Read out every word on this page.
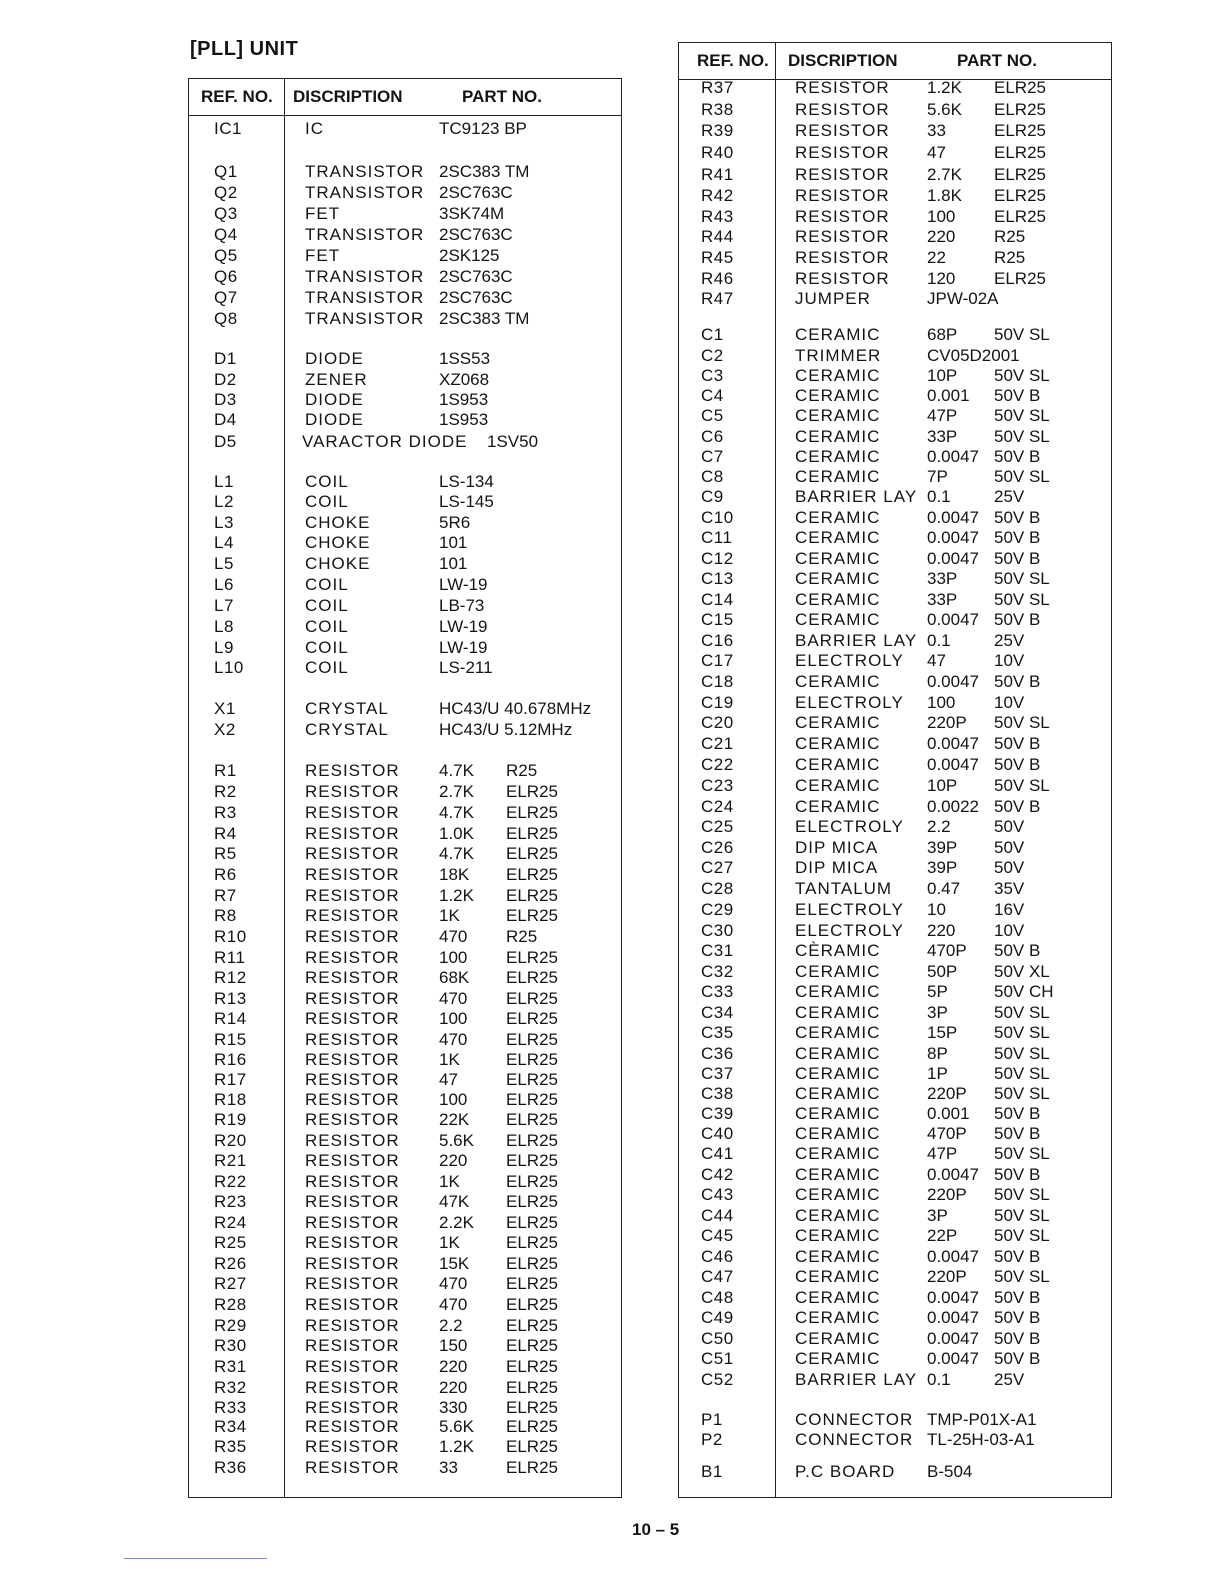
[PLL] UNIT
REF. NO. DISCRIPTION	PART NO.
IC1	IC	TC9123 BP
Q1	TRANSISTOR 2SC383 TM
Q2	TRANSISTOR 2SC763C
Q3	FET	3SK74M
Q4	TRANSISTOR 2SC763C
Q5	FET	2SK125
Q6	TRANSISTOR 2SC763C
Q7	TRANSISTOR 2SC763C
Q8	TRANSISTOR 2SC383 TM
D1	DIODE	1SS53
D2	ZENER	XZ068
D3	DIODE	1S953
D4	DIODE	1S953
D5	VARACTOR DIODE 1SV50
L1	COIL	LS-134
L2	COIL	LS-145
L3	CHOKE	5R6
L4	CHOKE	101
L5	CHOKE	101
L6	COIL	LW-19
L7	COIL	LB-73
L8	COIL	LW-19
L9	COIL	LW-19
L10	COIL	LS-211
X1	CRYSTAL	HC43/U 40.678MHz
X2	CRYSTAL	HC43/U 5.12MHz
R1	RESISTOR 4.7K R25
R2	RESISTOR 2.7K ELR25
R3	RESISTOR 4.7K ELR25
R4	RESISTOR 1.0K ELR25
R5	RESISTOR 4.7K ELR25
R6	RESISTOR 18K ELR25
R7	RESISTOR 1.2K ELR25
R8	RESISTOR 1K	ELR25
R10	RESISTOR 470 R25
R11	RESISTOR 100 ELR25
R12	RESISTOR 68K ELR25
R13	RESISTOR 470 ELR25
R14	RESISTOR 100 ELR25
R15	RESISTOR 470 ELR25
R16	RESISTOR 1K	ELR25
R17	RESISTOR 47	ELR25
R18	RESISTOR 100 ELR25
R19	RESISTOR 22K ELR25
R20	RESISTOR 5.6K ELR25
R21	RESISTOR 220 ELR25
R22	RESISTOR 1K	ELR25
R23	RESISTOR 47K ELR25
R24	RESISTOR 2.2K ELR25
R25	RESISTOR 1K	ELR25
R26	RESISTOR 15K ELR25
R27	RESISTOR 470 ELR25
R28	RESISTOR 470 ELR25
R29	RESISTOR 2.2	ELR25
R30	RESISTOR 150 ELR25
R31	RESISTOR 220 ELR25
R32	RESISTOR 220 ELR25
R33	RESISTOR 330 ELR25
R34	RESISTOR 5.6K ELR25
R35	RESISTOR 1.2K ELR25
R36	RESISTOR 33	ELR25
REF. NO. DISCRIPTION	PART NO.
R37	RESISTOR 1.2K ELR25
R38	RESISTOR 5.6K ELR25
R39	RESISTOR 33	ELR25
R40	RESISTOR 47	ELR25
R41	RESISTOR 2.7K ELR25
R42	RESISTOR 1.8K ELR25
R43	RESISTOR 100 ELR25
R44	RESISTOR 220 R25
R45	RESISTOR 22	R25
R46	RESISTOR 120 ELR25
R47	JUMPER	JPW-02A
C1	CERAMIC	68P 50V SL
C2	TRIMMER	CV05D2001
C3	CERAMIC	10P 50V SL
C4	CERAMIC	0.001 50V B
C5	CERAMIC	47P 50V SL
C6	CERAMIC	33P 50V SL
C7	CERAMIC	0.0047 50V B
C8	CERAMIC	7P	50V SL
C9	BARRIER LAY 0.1	25V
C10	CERAMIC	0.0047 50V B
C11	CERAMIC	0.0047 50V B
C12	CERAMIC	0.0047 50V B
C13	CERAMIC	33P 50V SL
C14	CERAMIC	33P 50V SL
C15	CERAMIC	0.0047 50V B
C16	BARRIER LAY 0.1	25V
C17	ELECTROLY 47	10V
C18	CERAMIC	0.0047 50V B
C19	ELECTROLY 100 10V
C20	CERAMIC	220P 50V SL
C21	CERAMIC	0.0047 50V B
C22	CERAMIC	0.0047 50V B
C23	CERAMIC	10P 50V SL
C24	CERAMIC	0.0022 50V B
C25	ELECTROLY 2.2	50V
C26	DIP MICA	39P 50V
C27	DIP MICA	39P 50V
C28	TANTALUM 0.47 35V
C29	ELECTROLY 10	16V
C30	ELECTROLY 220 10V
C31	CÈRAMIC	470P 50V B
C32	CERAMIC	50P 50V XL
C33	CERAMIC	5P	50V CH
C34	CERAMIC	3P	50V SL
C35	CERAMIC	15P 50V SL
C36	CERAMIC	8P	50V SL
C37	CERAMIC	1P	50V SL
C38	CERAMIC	220P 50V SL
C39	CERAMIC	0.001 50V B
C40	CERAMIC	470P 50V B
C41	CERAMIC	47P 50V SL
C42	CERAMIC	0.0047 50V B
C43	CERAMIC	220P 50V SL
C44	CERAMIC	3P	50V SL
C45	CERAMIC	22P 50V SL
C46	CERAMIC	0.0047 50V B
C47	CERAMIC	220P 50V SL
C48	CERAMIC	0.0047 50V B
C49	CERAMIC	0.0047 50V B
C50	CERAMIC	0.0047 50V B
C51	CERAMIC	0.0047 50V B
C52	BARRIER LAY 0.1	25V
P1	CONNECTOR TMP-P01X-A1
P2	CONNECTOR TL-25H-03-A1
B1	P.C BOARD B-504
10 – 5
